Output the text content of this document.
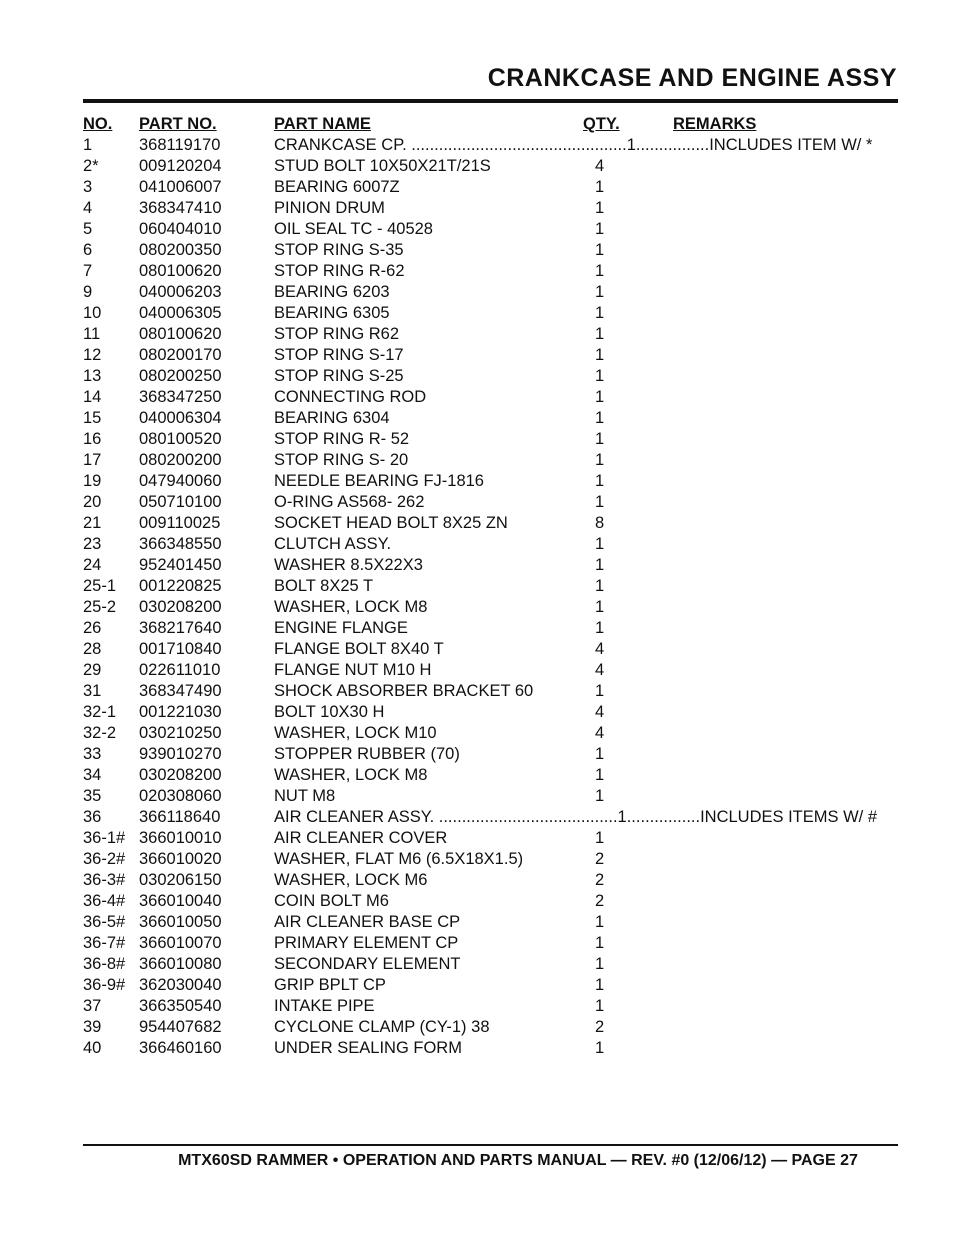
CRANKCASE AND ENGINE ASSY
NO. PART NO.	PART NAME	QTY.	REMARKS
1	368119170	CRANKCASE CP. ...............................................1................INCLUDES ITEM W/ *
2* 009120204	STUD BOLT 10X50X21T/21S	4
3	041006007	BEARING 6007Z	1
4	368347410	PINION DRUM	1
5	060404010	OIL SEAL TC - 40528	1
6	080200350	STOP RING S-35	1
7	080100620	STOP RING R-62	1
9	040006203	BEARING 6203	1
10 040006305	BEARING 6305	1
11 080100620	STOP RING R62	1
12 080200170	STOP RING S-17	1
13 080200250	STOP RING S-25	1
14 368347250	CONNECTING ROD	1
15 040006304	BEARING 6304	1
16 080100520	STOP RING R- 52	1
17 080200200	STOP RING S- 20	1
19 047940060	NEEDLE BEARING FJ-1816	1
20 050710100	O-RING AS568- 262	1
21 009110025	SOCKET HEAD BOLT 8X25 ZN	8
23 366348550	CLUTCH ASSY.	1
24 952401450	WASHER 8.5X22X3	1
25-1 001220825	BOLT 8X25 T	1
25-2 030208200	WASHER, LOCK M8	1
26 368217640	ENGINE FLANGE	1
28 001710840	FLANGE BOLT 8X40 T	4
29 022611010	FLANGE NUT M10 H	4
31 368347490	SHOCK ABSORBER BRACKET 60	1
32-1 001221030	BOLT 10X30 H	4
32-2 030210250	WASHER, LOCK M10	4
33 939010270	STOPPER RUBBER (70)	1
34 030208200	WASHER, LOCK M8	1
35 020308060	NUT M8	1
36 366118640	AIR CLEANER ASSY. .......................................1................INCLUDES ITEMS W/ #
36-1# 366010010	AIR CLEANER COVER	1
36-2# 366010020	WASHER, FLAT M6 (6.5X18X1.5)	2
36-3# 030206150	WASHER, LOCK M6	2
36-4# 366010040	COIN BOLT M6	2
36-5# 366010050	AIR CLEANER BASE CP	1
36-7# 366010070	PRIMARY ELEMENT CP	1
36-8# 366010080	SECONDARY ELEMENT	1
36-9# 362030040	GRIP BPLT CP	1
37 366350540	INTAKE PIPE	1
39 954407682	CYCLONE CLAMP (CY-1) 38	2
40 366460160	UNDER SEALING FORM	1
MTX60SD RAMMER • OPERATION AND PARTS MANUAL — REV. #0 (12/06/12) — PAGE 27
